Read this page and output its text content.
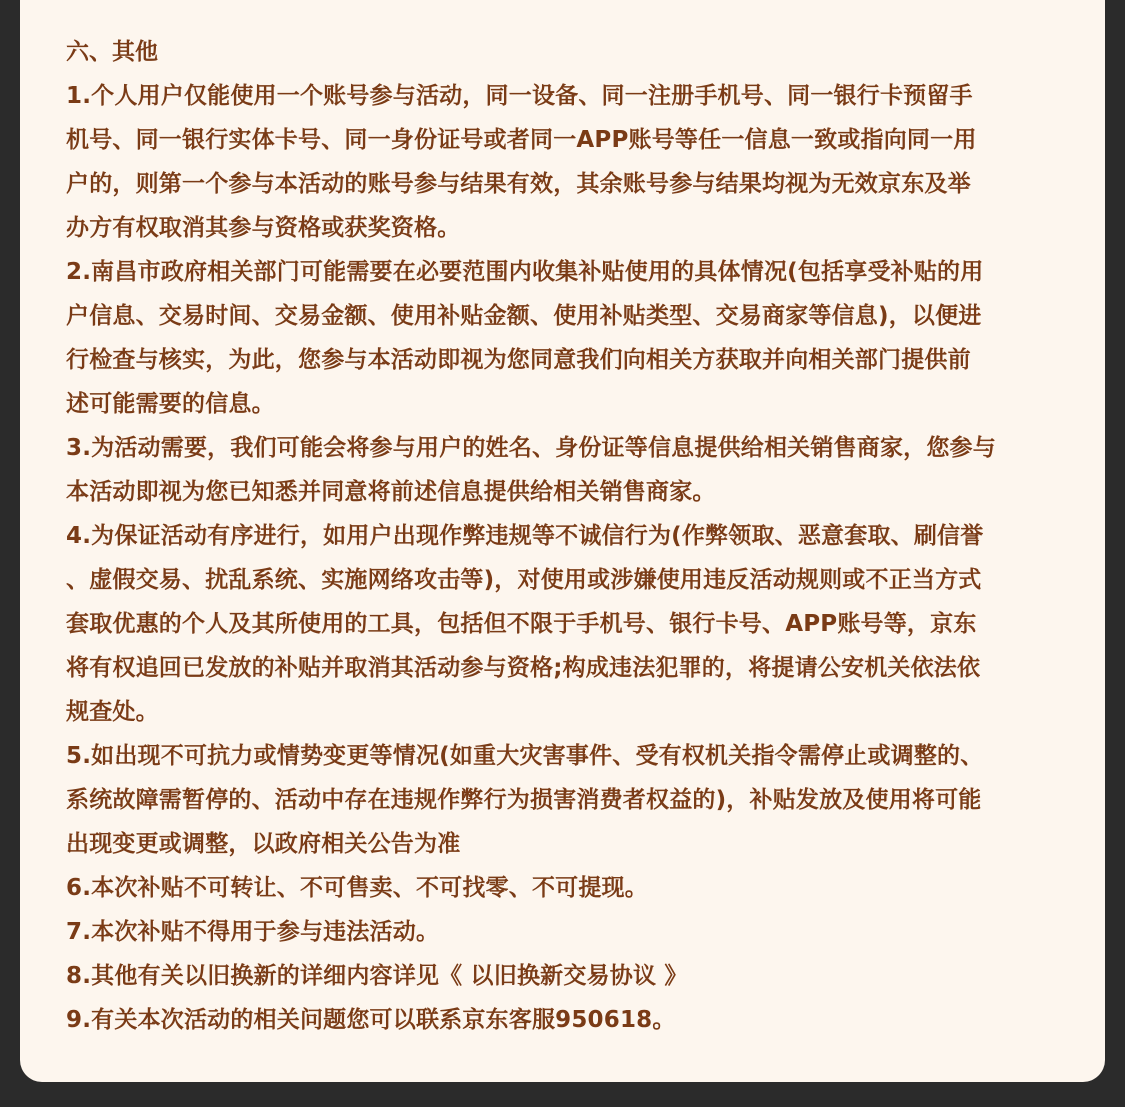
六、其他
1.个人用户仅能使用一个账号参与活动，同一设备、同一注册手机号、同一银行卡预留手
机号、同一银行实体卡号、同一身份证号或者同一APP账号等任一信息一致或指向同一用
户的，则第一个参与本活动的账号参与结果有效，其余账号参与结果均视为无效京东及举
办方有权取消其参与资格或获奖资格。
2.南昌市政府相关部门可能需要在必要范围内收集补贴使用的具体情况(包括享受补贴的用
户信息、交易时间、交易金额、使用补贴金额、使用补贴类型、交易商家等信息)，以便进
行检查与核实，为此，您参与本活动即视为您同意我们向相关方获取并向相关部门提供前
述可能需要的信息。
3.为活动需要，我们可能会将参与用户的姓名、身份证等信息提供给相关销售商家，您参与
本活动即视为您已知悉并同意将前述信息提供给相关销售商家。
4.为保证活动有序进行，如用户出现作弊违规等不诚信行为(作弊领取、恶意套取、刷信誉
、虚假交易、扰乱系统、实施网络攻击等)，对使用或涉嫌使用违反活动规则或不正当方式
套取优惠的个人及其所使用的工具，包括但不限于手机号、银行卡号、APP账号等，京东
将有权追回已发放的补贴并取消其活动参与资格;构成违法犯罪的，将提请公安机关依法依
规查处。
5.如出现不可抗力或情势变更等情况(如重大灾害事件、受有权机关指令需停止或调整的、
系统故障需暂停的、活动中存在违规作弊行为损害消费者权益的)，补贴发放及使用将可能
出现变更或调整，以政府相关公告为准
6.本次补贴不可转让、不可售卖、不可找零、不可提现。
7.本次补贴不得用于参与违法活动。
8.其他有关以旧换新的详细内容详见《 以旧换新交易协议 》
9.有关本次活动的相关问题您可以联系京东客服950618。
